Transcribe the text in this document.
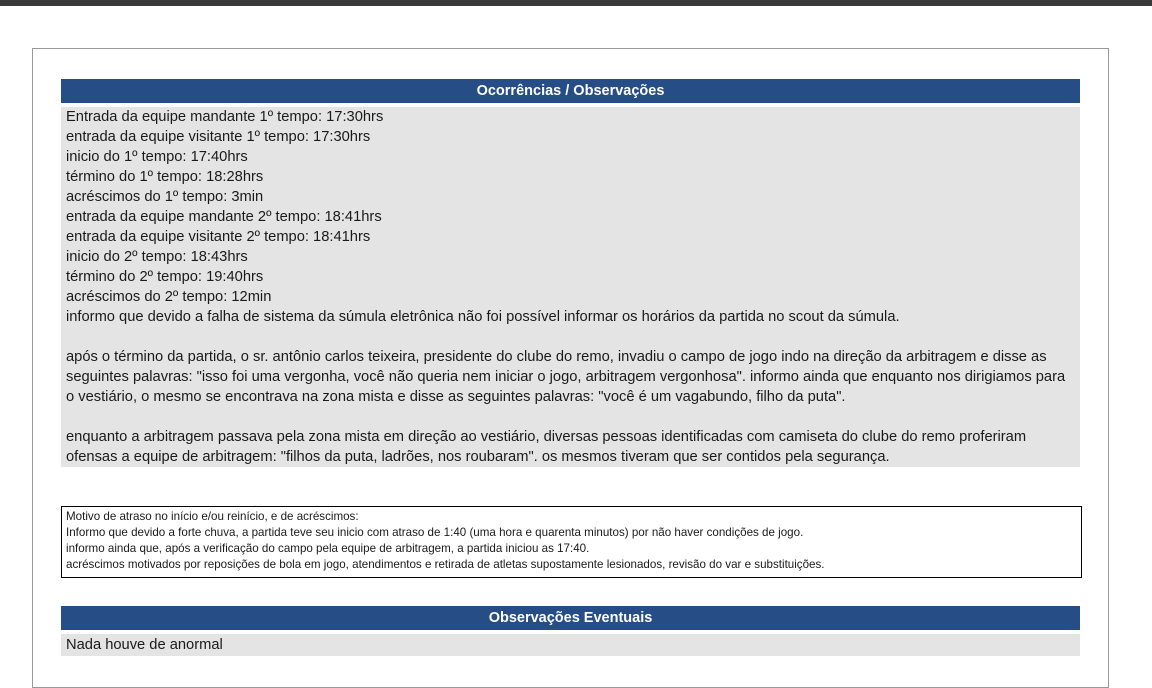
Ocorrências / Observações
Entrada da equipe mandante 1º tempo: 17:30hrs
entrada da equipe visitante 1º tempo: 17:30hrs
inicio do 1º tempo: 17:40hrs
término do 1º tempo: 18:28hrs
acréscimos do 1º tempo: 3min
entrada da equipe mandante 2º tempo: 18:41hrs
entrada da equipe visitante 2º tempo: 18:41hrs
inicio do 2º tempo: 18:43hrs
término do 2º tempo: 19:40hrs
acréscimos do 2º tempo: 12min
informo que devido a falha de sistema da súmula eletrônica não foi possível informar os horários da partida no scout da súmula.
após o término da partida, o sr. antônio carlos teixeira, presidente do clube do remo, invadiu o campo de jogo indo na direção da arbitragem e disse as seguintes palavras: "isso foi uma vergonha, você não queria nem iniciar o jogo, arbitragem vergonhosa". informo ainda que enquanto nos dirigiamos para o vestiário, o mesmo se encontrava na zona mista e disse as seguintes palavras: "você é um vagabundo, filho da puta".
enquanto a arbitragem passava pela zona mista em direção ao vestiário, diversas pessoas identificadas com camiseta do clube do remo proferiram ofensas a equipe de arbitragem: "filhos da puta, ladrões, nos roubaram". os mesmos tiveram que ser contidos pela segurança.
Motivo de atraso no início e/ou reinício, e de acréscimos:
Informo que devido a forte chuva, a partida teve seu inicio com atraso de 1:40 (uma hora e quarenta minutos) por não haver condições de jogo.
informo ainda que, após a verificação do campo pela equipe de arbitragem, a partida iniciou as 17:40.
acréscimos motivados por reposições de bola em jogo, atendimentos e retirada de atletas supostamente lesionados, revisão do var e substituições.
Observações Eventuais
Nada houve de anormal
